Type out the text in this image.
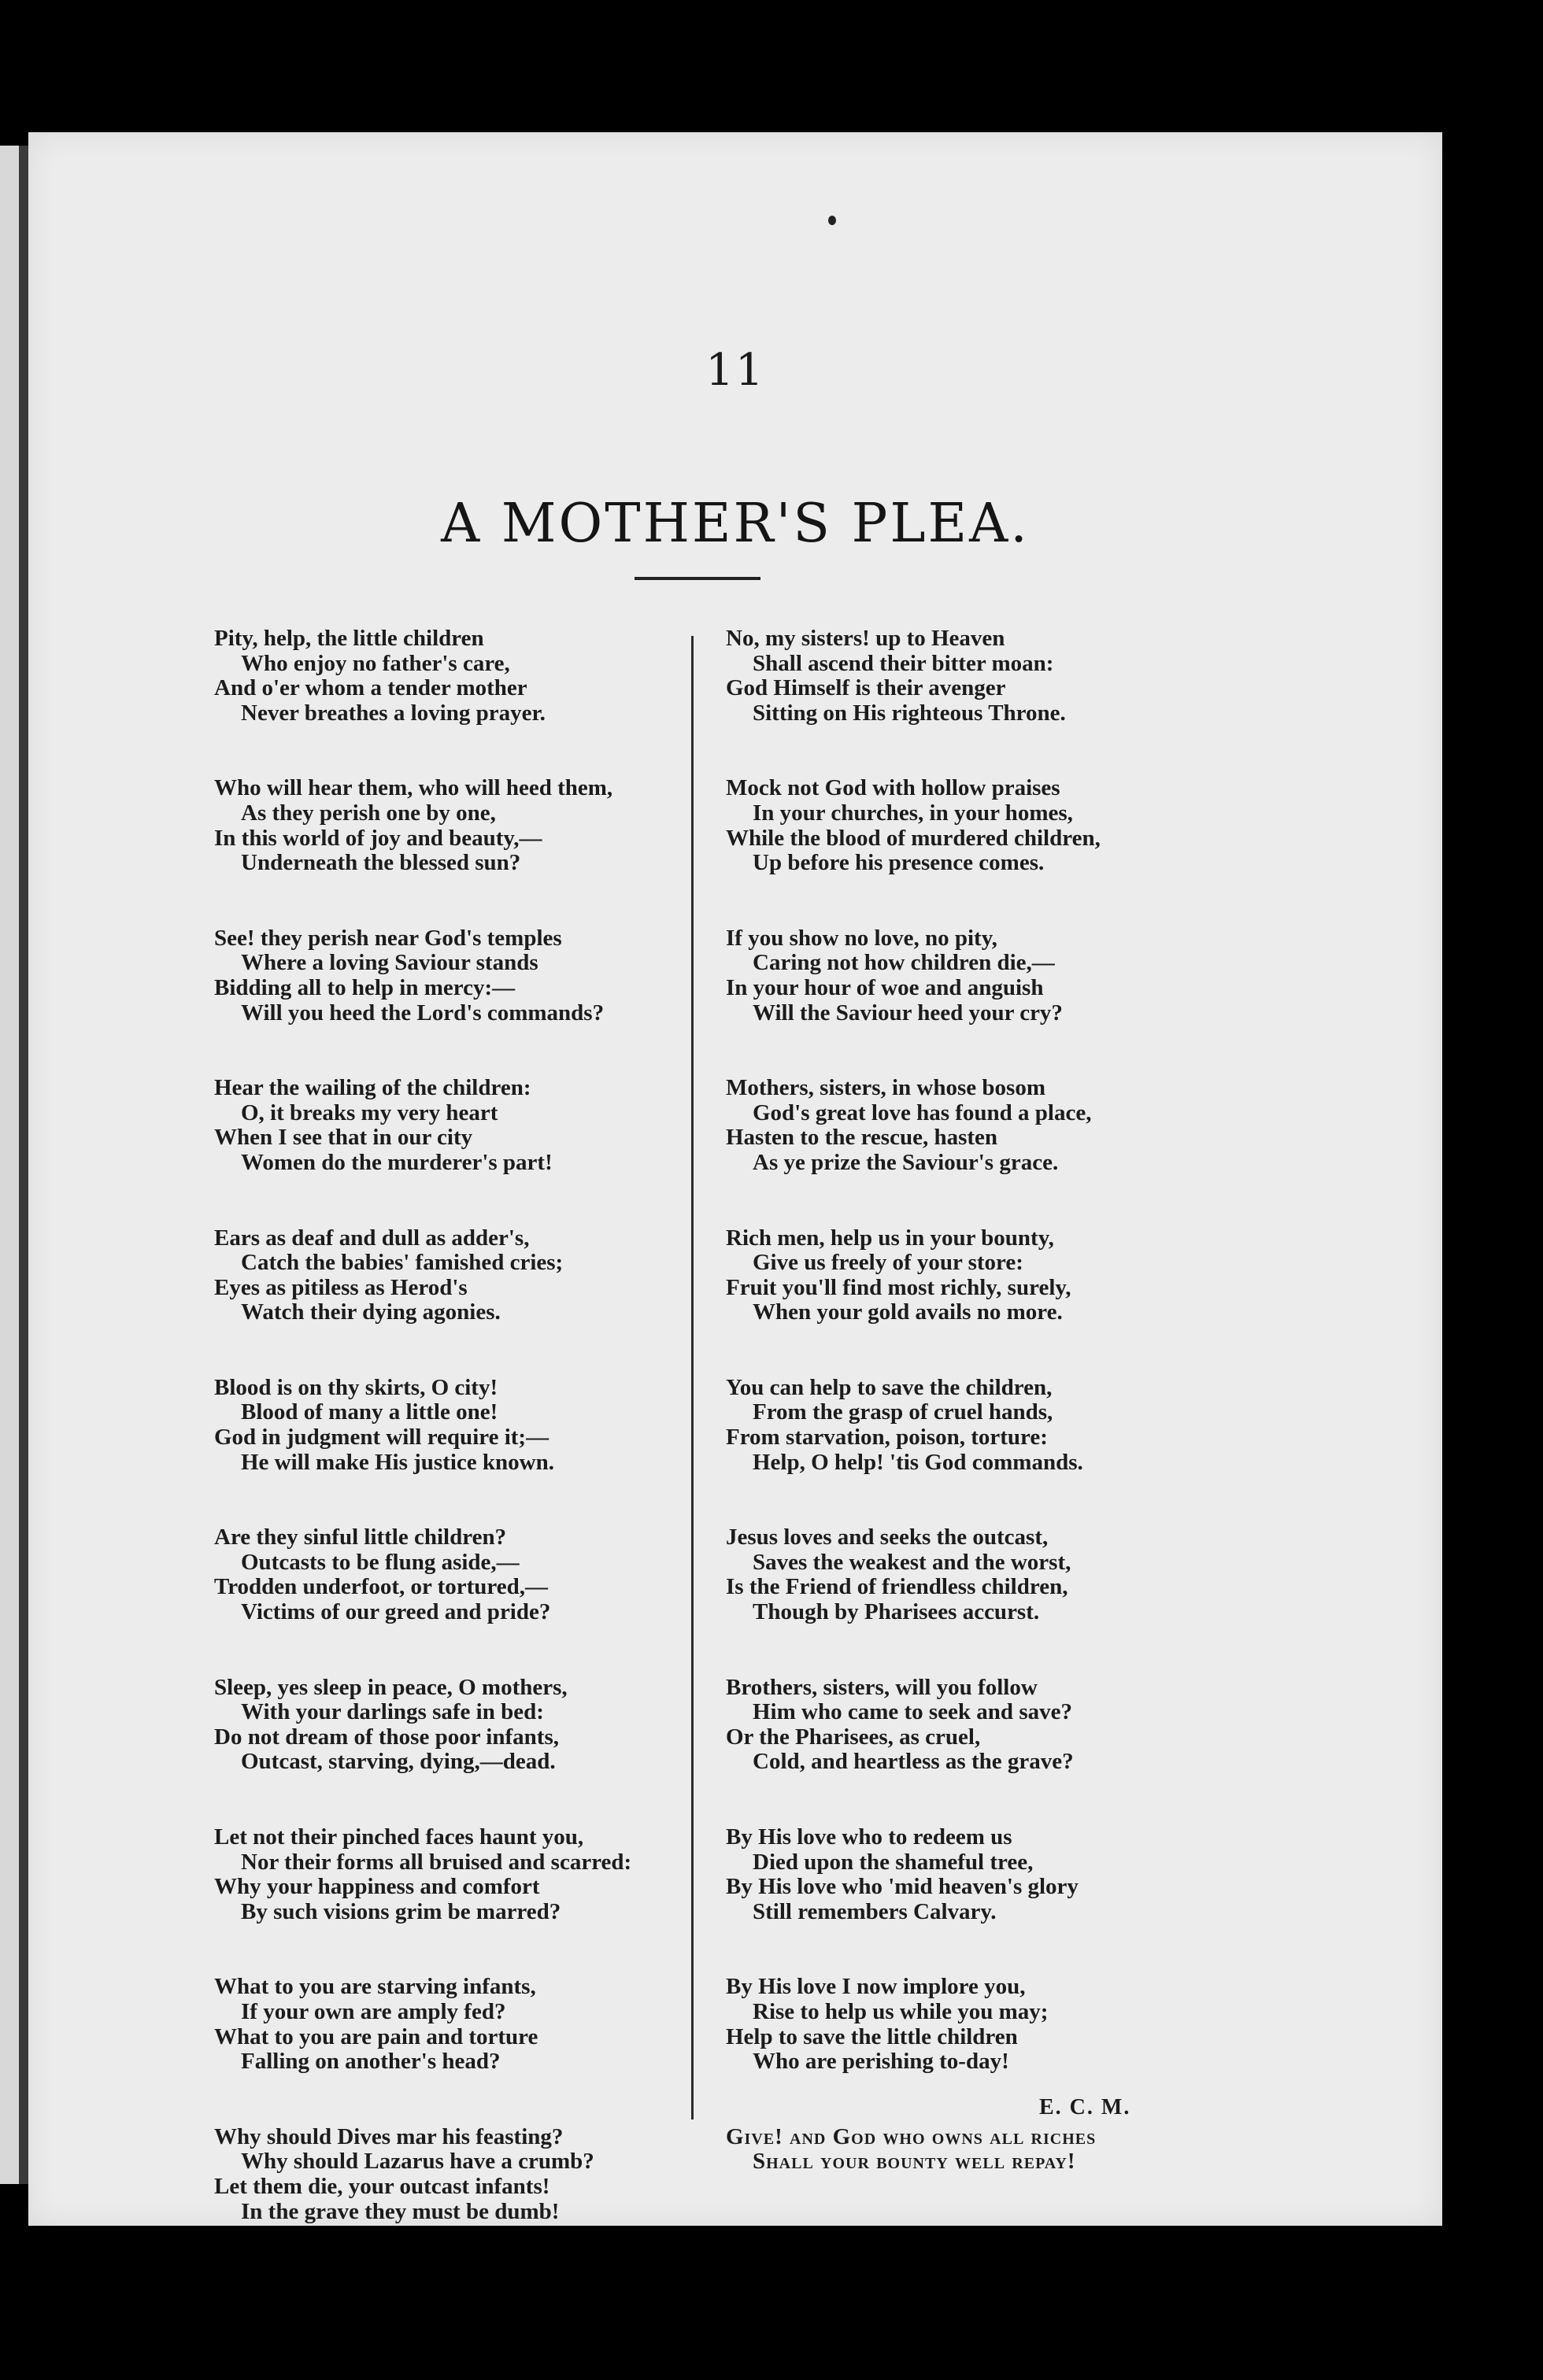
11
A MOTHER'S PLEA.
Pity, help, the little children
Who enjoy no father's care,
And o'er whom a tender mother
Never breathes a loving prayer.
Who will hear them, who will heed them,
As they perish one by one,
In this world of joy and beauty,—
Underneath the blessed sun?
See! they perish near God's temples
Where a loving Saviour stands
Bidding all to help in mercy:—
Will you heed the Lord's commands?
Hear the wailing of the children:
O, it breaks my very heart
When I see that in our city
Women do the murderer's part!
Ears as deaf and dull as adder's,
Catch the babies' famished cries;
Eyes as pitiless as Herod's
Watch their dying agonies.
Blood is on thy skirts, O city!
Blood of many a little one!
God in judgment will require it;—
He will make His justice known.
Are they sinful little children?
Outcasts to be flung aside,—
Trodden underfoot, or tortured,—
Victims of our greed and pride?
Sleep, yes sleep in peace, O mothers,
With your darlings safe in bed:
Do not dream of those poor infants,
Outcast, starving, dying,—dead.
Let not their pinched faces haunt you,
Nor their forms all bruised and scarred:
Why your happiness and comfort
By such visions grim be marred?
What to you are starving infants,
If your own are amply fed?
What to you are pain and torture
Falling on another's head?
Why should Dives mar his feasting?
Why should Lazarus have a crumb?
Let them die, your outcast infants!
In the grave they must be dumb!
No, my sisters! up to Heaven
Shall ascend their bitter moan:
God Himself is their avenger
Sitting on His righteous Throne.
Mock not God with hollow praises
In your churches, in your homes,
While the blood of murdered children,
Up before his presence comes.
If you show no love, no pity,
Caring not how children die,—
In your hour of woe and anguish
Will the Saviour heed your cry?
Mothers, sisters, in whose bosom
God's great love has found a place,
Hasten to the rescue, hasten
As ye prize the Saviour's grace.
Rich men, help us in your bounty,
Give us freely of your store:
Fruit you'll find most richly, surely,
When your gold avails no more.
You can help to save the children,
From the grasp of cruel hands,
From starvation, poison, torture:
Help, O help! 'tis God commands.
Jesus loves and seeks the outcast,
Saves the weakest and the worst,
Is the Friend of friendless children,
Though by Pharisees accurst.
Brothers, sisters, will you follow
Him who came to seek and save?
Or the Pharisees, as cruel,
Cold, and heartless as the grave?
By His love who to redeem us
Died upon the shameful tree,
By His love who 'mid heaven's glory
Still remembers Calvary.
By His love I now implore you,
Rise to help us while you may;
Help to save the little children
Who are perishing to-day!
Give! and God who owns all riches
Shall your bounty well repay!
E. C. M.
